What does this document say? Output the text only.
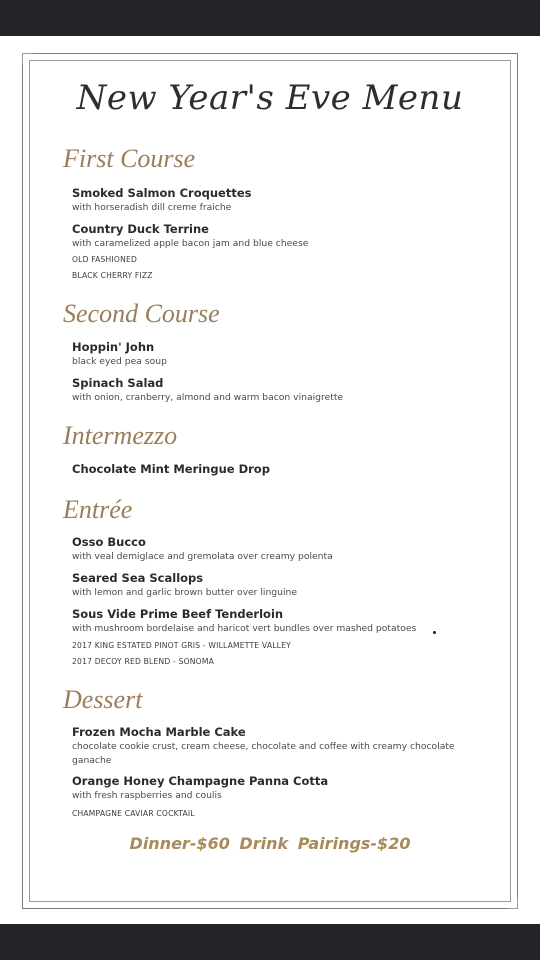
New Year's Eve Menu
First Course
Smoked Salmon Croquettes
with horseradish dill creme fraiche
Country Duck Terrine
with caramelized apple bacon jam and blue cheese
OLD FASHIONED
BLACK CHERRY FIZZ
Second Course
Hoppin' John
black eyed pea soup
Spinach Salad
with onion, cranberry, almond and warm bacon vinaigrette
Intermezzo
Chocolate Mint Meringue Drop
Entrée
Osso Bucco
with veal demiglace and gremolata over creamy polenta
Seared Sea Scallops
with lemon and garlic brown butter over linguine
Sous Vide Prime Beef Tenderloin
with mushroom bordelaise and haricot vert bundles over mashed potatoes
2017 KING ESTATED PINOT GRIS - WILLAMETTE VALLEY
2017 DECOY RED BLEND - SONOMA
Dessert
Frozen Mocha Marble Cake
chocolate cookie crust, cream cheese, chocolate and coffee with creamy chocolate ganache
Orange Honey Champagne Panna Cotta
with fresh raspberries and coulis
CHAMPAGNE CAVIAR COCKTAIL
Dinner-$60 Drink Pairings-$20
